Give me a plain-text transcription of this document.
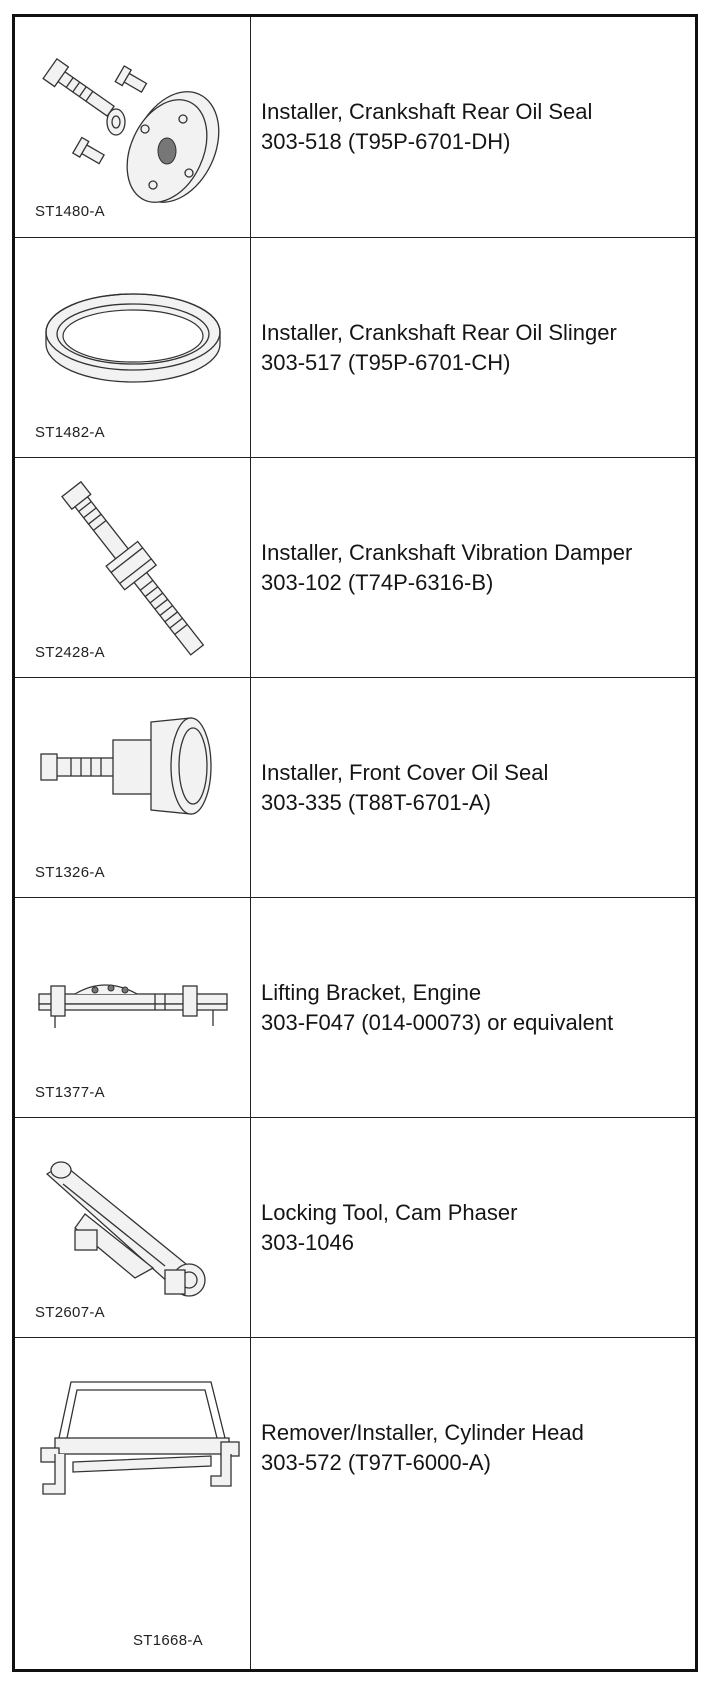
ST1480-A
Installer, Crankshaft Rear Oil Seal
303-518 (T95P-6701-DH)
ST1482-A
Installer, Crankshaft Rear Oil Slinger
303-517 (T95P-6701-CH)
ST2428-A
Installer, Crankshaft Vibration Damper
303-102 (T74P-6316-B)
ST1326-A
Installer, Front Cover Oil Seal
303-335 (T88T-6701-A)
ST1377-A
Lifting Bracket, Engine
303-F047 (014-00073) or equivalent
ST2607-A
Locking Tool, Cam Phaser
303-1046
ST1668-A
Remover/Installer, Cylinder Head
303-572 (T97T-6000-A)
